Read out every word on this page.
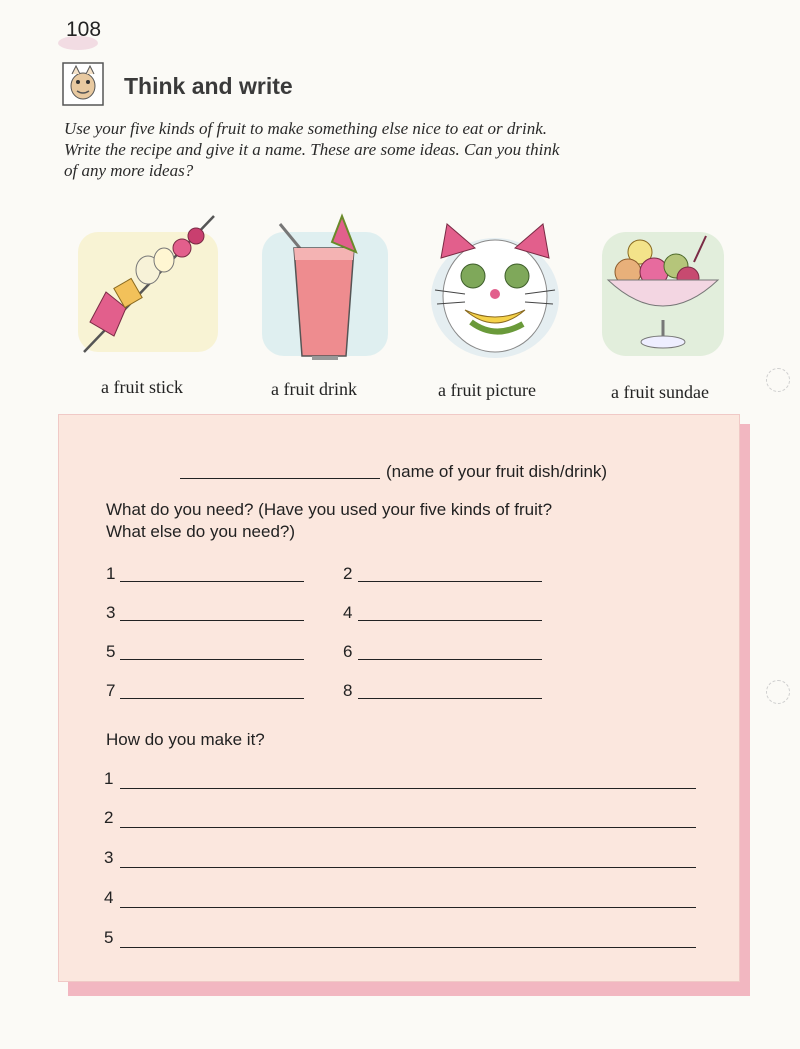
108
Think and write

Use your five kinds of fruit to make something else nice to eat or drink.

Write the recipe and give it a name. These are some ideas. Can you think

of any more ideas?

a fruit stick	a fruit drink	a fruit picture	a fruit sundae
(name of your fruit dish/drink)
What do you need? (Have you used your five kinds of fruit?
What else do you need?)
1	2
3	4
5	6
7	8
How do you make it?
1
2
3
4
5
